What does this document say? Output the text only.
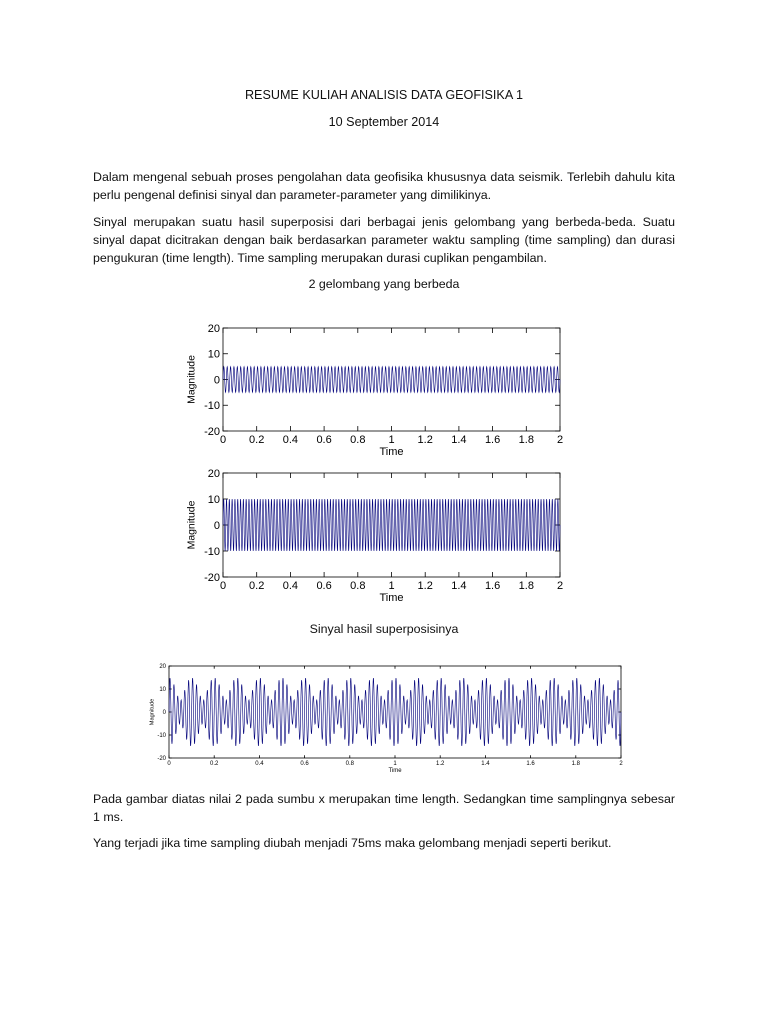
RESUME KULIAH ANALISIS DATA GEOFISIKA 1
10 September 2014

Dalam mengenal sebuah proses pengolahan data geofisika khususnya data seismik. Terlebih dahulu kita perlu pengenal definisi sinyal dan parameter-parameter yang dimilikinya.

Sinyal merupakan suatu hasil superposisi dari berbagai jenis gelombang yang berbeda-beda. Suatu sinyal dapat dicitrakan dengan baik berdasarkan parameter waktu sampling (time sampling) dan durasi pengukuran (time length). Time sampling merupakan durasi cuplikan pengambilan.

2 gelombang yang berbeda
0 0.2 0.4 0.6 0.8 1 1.2 1.4 1.6 1.8 2
20
10
0
-10
-20
Time
Magnitude
0 0.2 0.4 0.6 0.8 1 1.2 1.4 1.6 1.8 2
20
10
0
-10
-20
Time
Magnitude
Sinyal hasil superposisinya
0	0.2	0.4	0.6	0.8	1	1.2	1.4	1.6	1.8	2
20
10
0
-10
-20
Time
Magnitude

Pada gambar diatas nilai 2 pada sumbu x merupakan time length. Sedangkan time samplingnya sebesar 1 ms.

Yang terjadi jika time sampling diubah menjadi 75ms maka gelombang menjadi seperti berikut.
